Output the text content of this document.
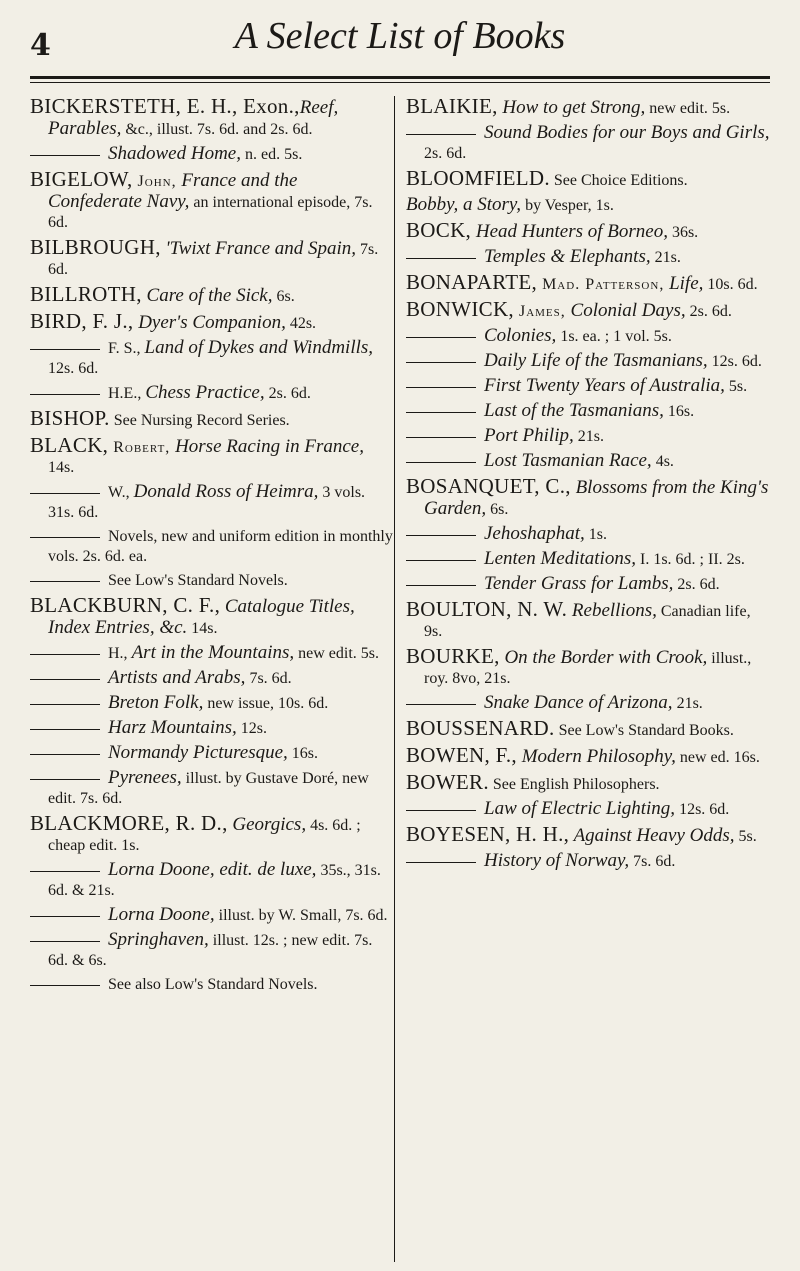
4	A Select List of Books
BICKERSTETH, E. H., Exon.,Reef, Parables, &c., illust. 7s. 6d. and 2s. 6d.
Shadowed Home, n. ed. 5s.
BIGELOW, John, France and the Confederate Navy, an international episode, 7s. 6d.
BILBROUGH, 'Twixt France and Spain, 7s. 6d.
BILLROTH, Care of the Sick, 6s.
BIRD, F. J., Dyer's Companion, 42s.
F. S., Land of Dykes and Windmills, 12s. 6d.
H.E., Chess Practice, 2s. 6d.
BISHOP. See Nursing Record Series.
BLACK, Robert, Horse Racing in France, 14s.
W., Donald Ross of Heimra, 3 vols. 31s. 6d.
Novels, new and uniform edition in monthly vols. 2s. 6d. ea.
See Low's Standard Novels.
BLACKBURN, C. F., Catalogue Titles, Index Entries, &c. 14s.
H., Art in the Mountains, new edit. 5s.
Artists and Arabs, 7s. 6d.
Breton Folk, new issue, 10s. 6d.
Harz Mountains, 12s.
Normandy Picturesque, 16s.
Pyrenees, illust. by Gustave Doré, new edit. 7s. 6d.
BLACKMORE, R. D., Georgics, 4s. 6d. ; cheap edit. 1s.
Lorna Doone, edit. de luxe, 35s., 31s. 6d. & 21s.
Lorna Doone, illust. by W. Small, 7s. 6d.
Springhaven, illust. 12s. ; new edit. 7s. 6d. & 6s.
See also Low's Standard Novels.
BLAIKIE, How to get Strong, new edit. 5s.
Sound Bodies for our Boys and Girls, 2s. 6d.
BLOOMFIELD. See Choice Editions.
Bobby, a Story, by Vesper, 1s.
BOCK, Head Hunters of Borneo, 36s.
Temples & Elephants, 21s.
BONAPARTE, Mad. Patterson, Life, 10s. 6d.
BONWICK, James, Colonial Days, 2s. 6d.
Colonies, 1s. ea. ; 1 vol. 5s.
Daily Life of the Tasmanians, 12s. 6d.
First Twenty Years of Australia, 5s.
Last of the Tasmanians, 16s.
Port Philip, 21s.
Lost Tasmanian Race, 4s.
BOSANQUET, C., Blossoms from the King's Garden, 6s.
Jehoshaphat, 1s.
Lenten Meditations, I. 1s. 6d. ; II. 2s.
Tender Grass for Lambs, 2s. 6d.
BOULTON, N. W. Rebellions, Canadian life, 9s.
BOURKE, On the Border with Crook, illust., roy. 8vo, 21s.
Snake Dance of Arizona, 21s.
BOUSSENARD. See Low's Standard Books.
BOWEN, F., Modern Philosophy, new ed. 16s.
BOWER. See English Philosophers.
Law of Electric Lighting, 12s. 6d.
BOYESEN, H. H., Against Heavy Odds, 5s.
History of Norway, 7s. 6d.
